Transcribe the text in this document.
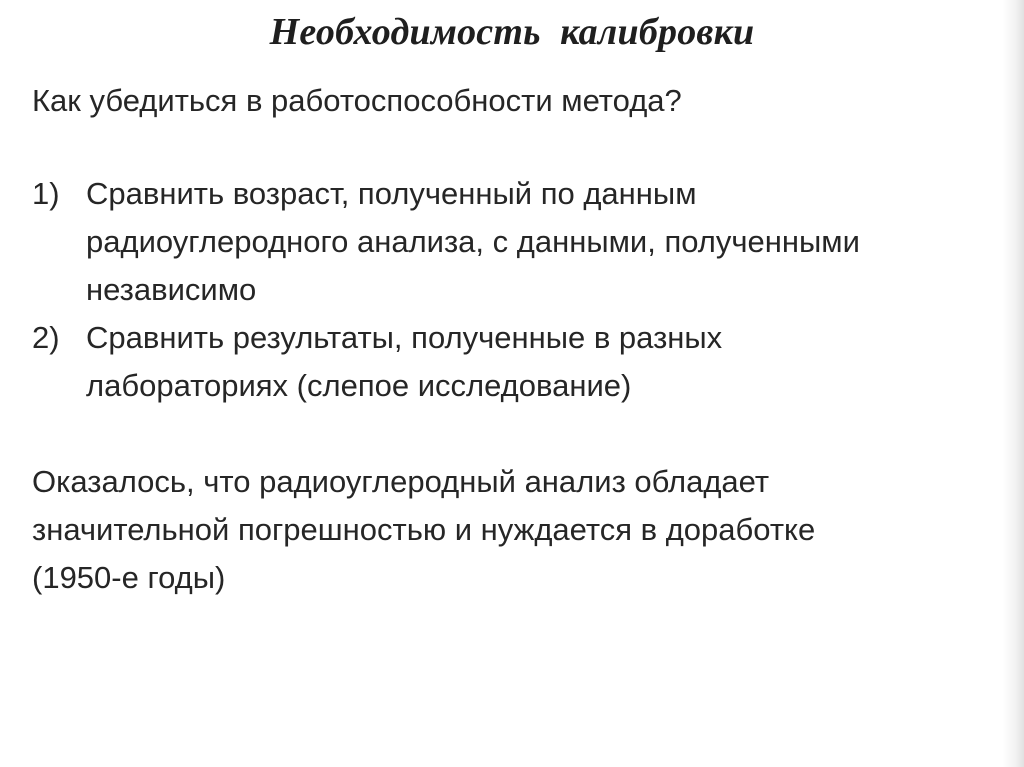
Необходимость  калибровки
Как убедиться в работоспособности метода?
1) Сравнить возраст, полученный по данным
радиоуглеродного анализа, с данными, полученными
независимо
2) Сравнить результаты, полученные в разных
лабораториях (слепое исследование)
Оказалось, что радиоуглеродный анализ обладает
значительной погрешностью и нуждается в доработке
(1950-е годы)
